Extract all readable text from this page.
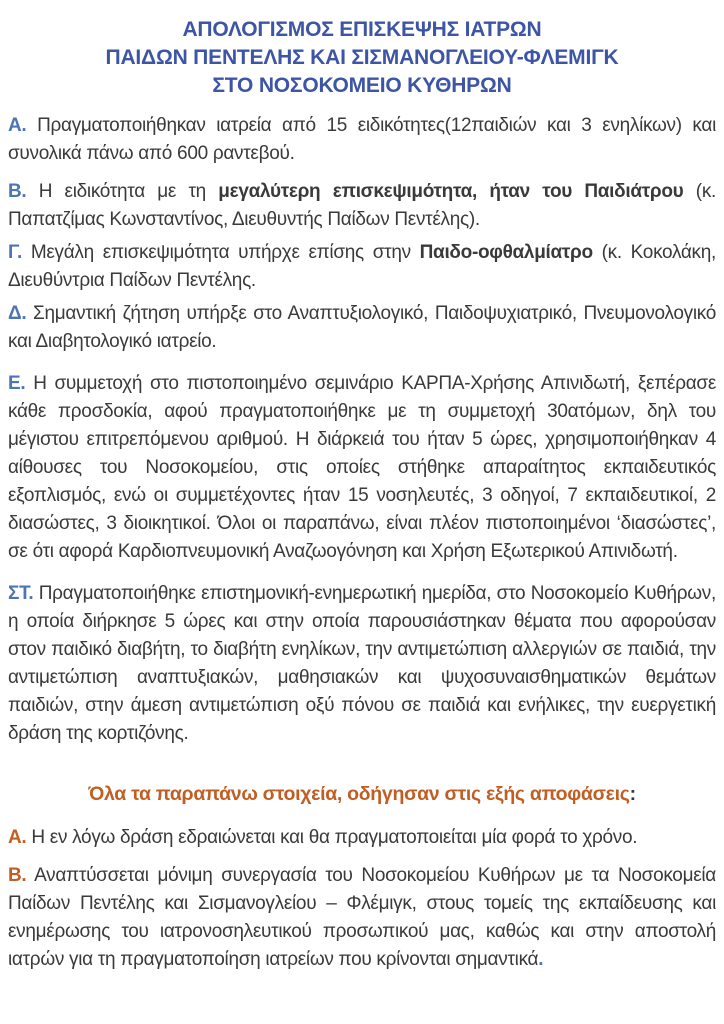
ΑΠΟΛΟΓΙΣΜΟΣ ΕΠΙΣΚΕΨΗΣ ΙΑΤΡΩΝ
ΠΑΙΔΩΝ ΠΕΝΤΕΛΗΣ ΚΑΙ ΣΙΣΜΑΝΟΓΛΕΙΟΥ-ΦΛΕΜΙΓΚ
ΣΤΟ ΝΟΣΟΚΟΜΕΙΟ ΚΥΘΗΡΩΝ

Α. Πραγματοποιήθηκαν ιατρεία από 15 ειδικότητες(12παιδιών και 3 ενηλίκων) και συνολικά πάνω από 600 ραντεβού.

Β. Η ειδικότητα με τη μεγαλύτερη επισκεψιμότητα, ήταν του Παιδιάτρου (κ. Παπατζίμας Κωνσταντίνος, Διευθυντής Παίδων Πεντέλης).

Γ. Μεγάλη επισκεψιμότητα υπήρχε επίσης στην Παιδο-οφθαλμίατρο (κ. Κοκολάκη, Διευθύντρια Παίδων Πεντέλης.

Δ. Σημαντική ζήτηση υπήρξε στο Αναπτυξιολογικό, Παιδοψυχιατρικό, Πνευμονολογικό και Διαβητολογικό ιατρείο.

Ε. Η συμμετοχή στο πιστοποιημένο σεμινάριο ΚΑΡΠΑ-Χρήσης Απινιδωτή, ξεπέρασε κάθε προσδοκία, αφού πραγματοποιήθηκε με τη συμμετοχή 30ατόμων, δηλ του μέγιστου επιτρεπόμενου αριθμού. Η διάρκειά του ήταν 5 ώρες, χρησιμοποιήθηκαν 4 αίθουσες του Νοσοκομείου, στις οποίες στήθηκε απαραίτητος εκπαιδευτικός εξοπλισμός, ενώ οι συμμετέχοντες ήταν 15 νοσηλευτές, 3 οδηγοί, 7 εκπαιδευτικοί, 2 διασώστες, 3 διοικητικοί. Όλοι οι παραπάνω, είναι πλέον πιστοποιημένοι ‘διασώστες’, σε ότι αφορά Καρδιοπνευμονική Αναζωογόνηση και Χρήση Εξωτερικού Απινιδωτή.

ΣΤ. Πραγματοποιήθηκε επιστημονική-ενημερωτική ημερίδα, στο Νοσοκομείο Κυθήρων, η οποία διήρκησε 5 ώρες και στην οποία παρουσιάστηκαν θέματα που αφορούσαν στον παιδικό διαβήτη, το διαβήτη ενηλίκων, την αντιμετώπιση αλλεργιών σε παιδιά, την αντιμετώπιση αναπτυξιακών, μαθησιακών και ψυχοσυναισθηματικών θεμάτων παιδιών, στην άμεση αντιμετώπιση οξύ πόνου σε παιδιά και ενήλικες, την ευεργετική δράση της κορτιζόνης.

Όλα τα παραπάνω στοιχεία, οδήγησαν στις εξής αποφάσεις:

Α. Η εν λόγω δράση εδραιώνεται και θα πραγματοποιείται μία φορά το χρόνο.

Β. Αναπτύσσεται μόνιμη συνεργασία του Νοσοκομείου Κυθήρων με τα Νοσοκομεία Παίδων Πεντέλης και Σισμανογλείου – Φλέμιγκ, στους τομείς της εκπαίδευσης και ενημέρωσης του ιατρονοσηλευτικού προσωπικού μας, καθώς και στην αποστολή ιατρών για τη πραγματοποίηση ιατρείων που κρίνονται σημαντικά.
